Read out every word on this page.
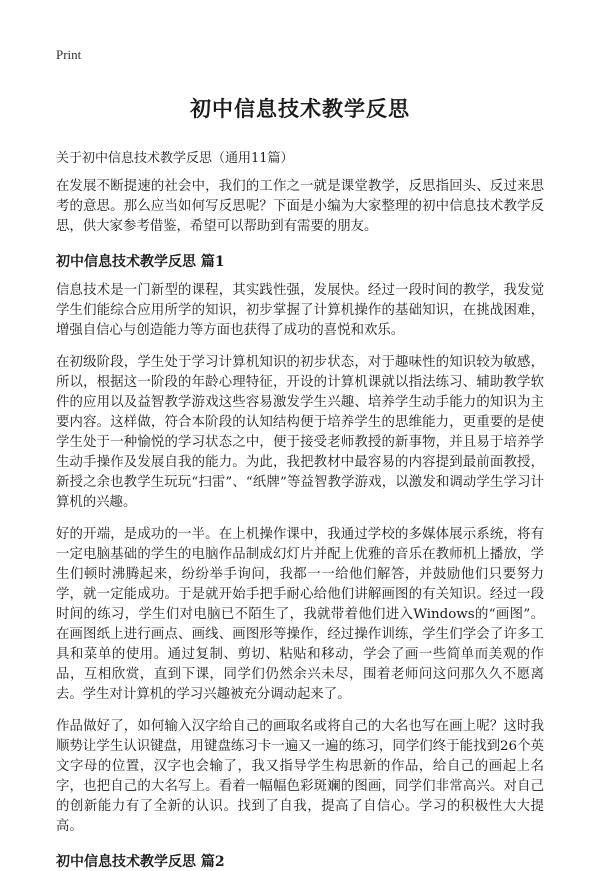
Print
初中信息技术教学反思
关于初中信息技术教学反思（通用11篇）

在发展不断提速的社会中，我们的工作之一就是课堂教学，反思指回头、反过来思考的意思。那么应当如何写反思呢？下面是小编为大家整理的初中信息技术教学反思，供大家参考借鉴，希望可以帮助到有需要的朋友。

初中信息技术教学反思 篇1

信息技术是一门新型的课程，其实践性强，发展快。经过一段时间的教学，我发觉学生们能综合应用所学的知识，初步掌握了计算机操作的基础知识，在挑战困难，增强自信心与创造能力等方面也获得了成功的喜悦和欢乐。

在初级阶段，学生处于学习计算机知识的初步状态，对于趣味性的知识较为敏感，所以，根据这一阶段的年龄心理特征，开设的计算机课就以指法练习、辅助教学软件的应用以及益智教学游戏这些容易激发学生兴趣、培养学生动手能力的知识为主要内容。这样做，符合本阶段的认知结构便于培养学生的思维能力，更重要的是使学生处于一种愉悦的学习状态之中，便于接受老师教授的新事物，并且易于培养学生动手操作及发展自我的能力。为此，我把教材中最容易的内容提到最前面教授，新授之余也教学生玩玩“扫雷”、“纸牌”等益智教学游戏，以激发和调动学生学习计算机的兴趣。

好的开端，是成功的一半。在上机操作课中，我通过学校的多媒体展示系统，将有一定电脑基础的学生的电脑作品制成幻灯片并配上优雅的音乐在教师机上播放，学生们顿时沸腾起来，纷纷举手询问，我都一一给他们解答，并鼓励他们只要努力学，就一定能成功。于是就开始手把手耐心给他们讲解画图的有关知识。经过一段时间的练习，学生们对电脑已不陌生了，我就带着他们进入Windows的“画图”。在画图纸上进行画点、画线、画图形等操作，经过操作训练，学生们学会了许多工具和菜单的使用。通过复制、剪切、粘贴和移动，学会了画一些简单而美观的作品，互相欣赏，直到下课，同学们仍然余兴未尽，围着老师问这问那久久不愿离去。学生对计算机的学习兴趣被充分调动起来了。

作品做好了，如何输入汉字给自己的画取名或将自己的大名也写在画上呢？这时我顺势让学生认识键盘，用键盘练习卡一遍又一遍的练习，同学们终于能找到26个英文字母的位置，汉字也会输了，我又指导学生构思新的作品，给自己的画起上名字，也把自己的大名写上。看着一幅幅色彩斑斓的图画，同学们非常高兴。对自己的创新能力有了全新的认识。找到了自我，提高了自信心。学习的积极性大大提高。

初中信息技术教学反思 篇2
